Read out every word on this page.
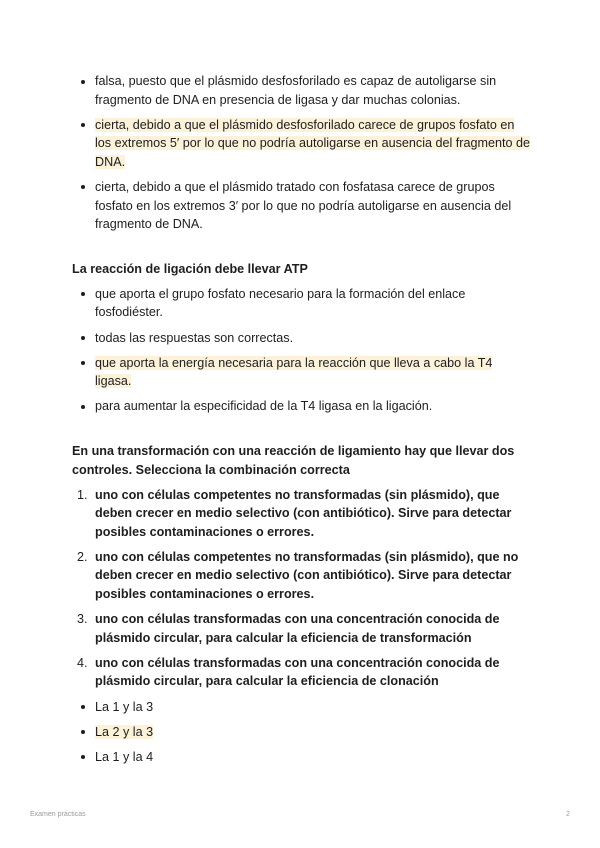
falsa, puesto que el plásmido desfosforilado es capaz de autoligarse sin fragmento de DNA en presencia de ligasa y dar muchas colonias.
cierta, debido a que el plásmido desfosforilado carece de grupos fosfato en los extremos 5′ por lo que no podría autoligarse en ausencia del fragmento de DNA.
cierta, debido a que el plásmido tratado con fosfatasa carece de grupos fosfato en los extremos 3′ por lo que no podría autoligarse en ausencia del fragmento de DNA.
La reacción de ligación debe llevar ATP
que aporta el grupo fosfato necesario para la formación del enlace fosfodiéster.
todas las respuestas son correctas.
que aporta la energía necesaria para la reacción que lleva a cabo la T4 ligasa.
para aumentar la especificidad de la T4 ligasa en la ligación.
En una transformación con una reacción de ligamiento hay que llevar dos controles. Selecciona la combinación correcta
1. uno con células competentes no transformadas (sin plásmido), que deben crecer en medio selectivo (con antibiótico). Sirve para detectar posibles contaminaciones o errores.
2. uno con células competentes no transformadas (sin plásmido), que no deben crecer en medio selectivo (con antibiótico). Sirve para detectar posibles contaminaciones o errores.
3. uno con células transformadas con una concentración conocida de plásmido circular, para calcular la eficiencia de transformación
4. uno con células transformadas con una concentración conocida de plásmido circular, para calcular la eficiencia de clonación
La 1 y la 3
La 2 y la 3
La 1 y la 4
Examen prácticas	2
